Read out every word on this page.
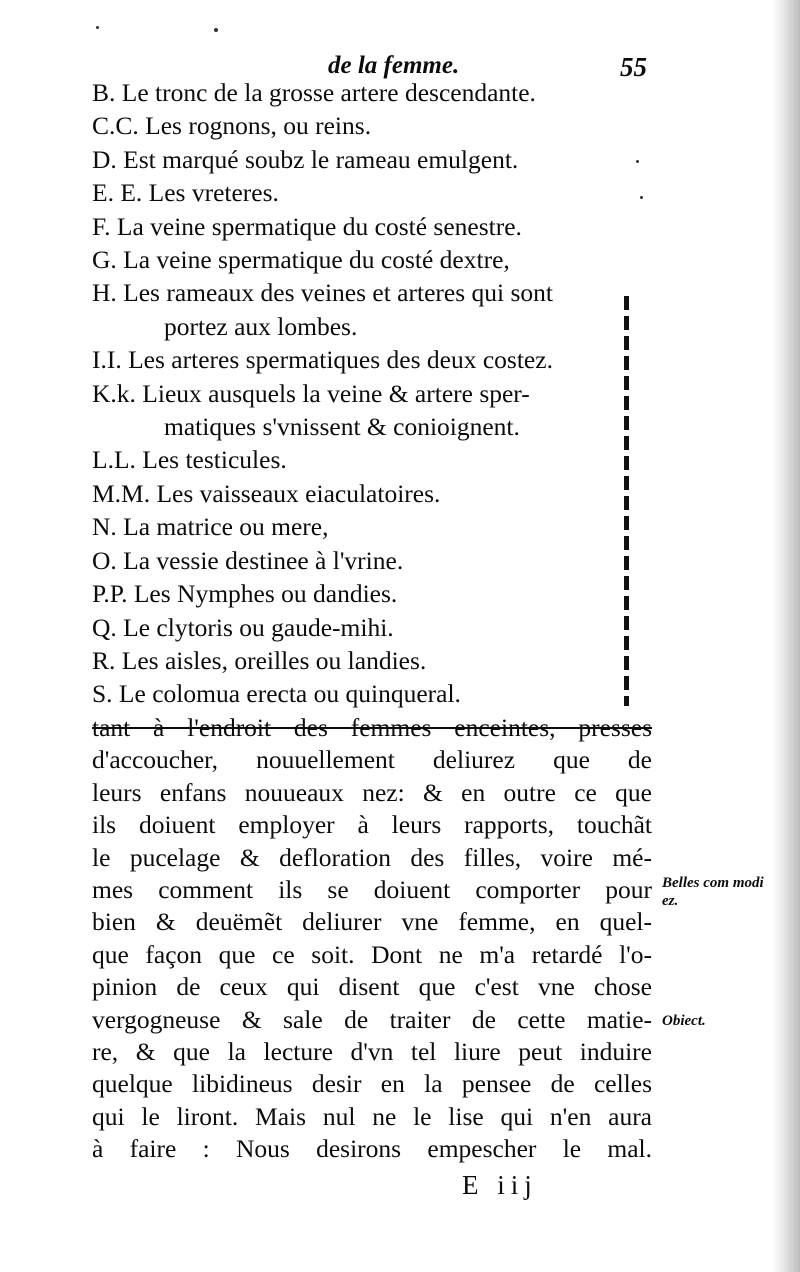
de la femme.	55
B. Le tronc de la grosse artere descendante.
C.C. Les rognons, ou reins.
D. Est marqué soubz le rameau emulgent.
E. E. Les vreteres.
F. La veine spermatique du costé senestre.
G. La veine spermatique du costé dextre,
H. Les rameaux des veines et arteres qui sont
portez aux lombes.
I.I. Les arteres spermatiques des deux costez.
K.k. Lieux ausquels la veine & artere sper-
matiques s'vnissent & conioignent.
L.L. Les testicules.
M.M. Les vaisseaux eiaculatoires.
N. La matrice ou mere,
O. La vessie destinee à l'vrine.
P.P. Les Nymphes ou dandies.
Q. Le clytoris ou gaude-mihi.
R. Les aisles, oreilles ou landies.
S. Le colomua erecta ou quinqueral.
tant à l'endroit des femmes enceintes, presses
d'accoucher, nouuellement deliurez que de
leurs enfans nouueaux nez: & en outre ce que
ils doiuent employer à leurs rapports, touchãt
le pucelage & defloration des filles, voire mé-
mes comment ils se doiuent comporter pour
bien & deuëmẽt deliurer vne femme, en quel-
que façon que ce soit. Dont ne m'a retardé l'o-
pinion de ceux qui disent que c'est vne chose
vergogneuse & sale de traiter de cette matie-
re, & que la lecture d'vn tel liure peut induire
quelque libidineus desir en la pensee de celles
qui le liront. Mais nul ne le lise qui n'en aura
à faire : Nous desirons empescher le mal.
Belles com modi ez.
Obiect.
E iij
